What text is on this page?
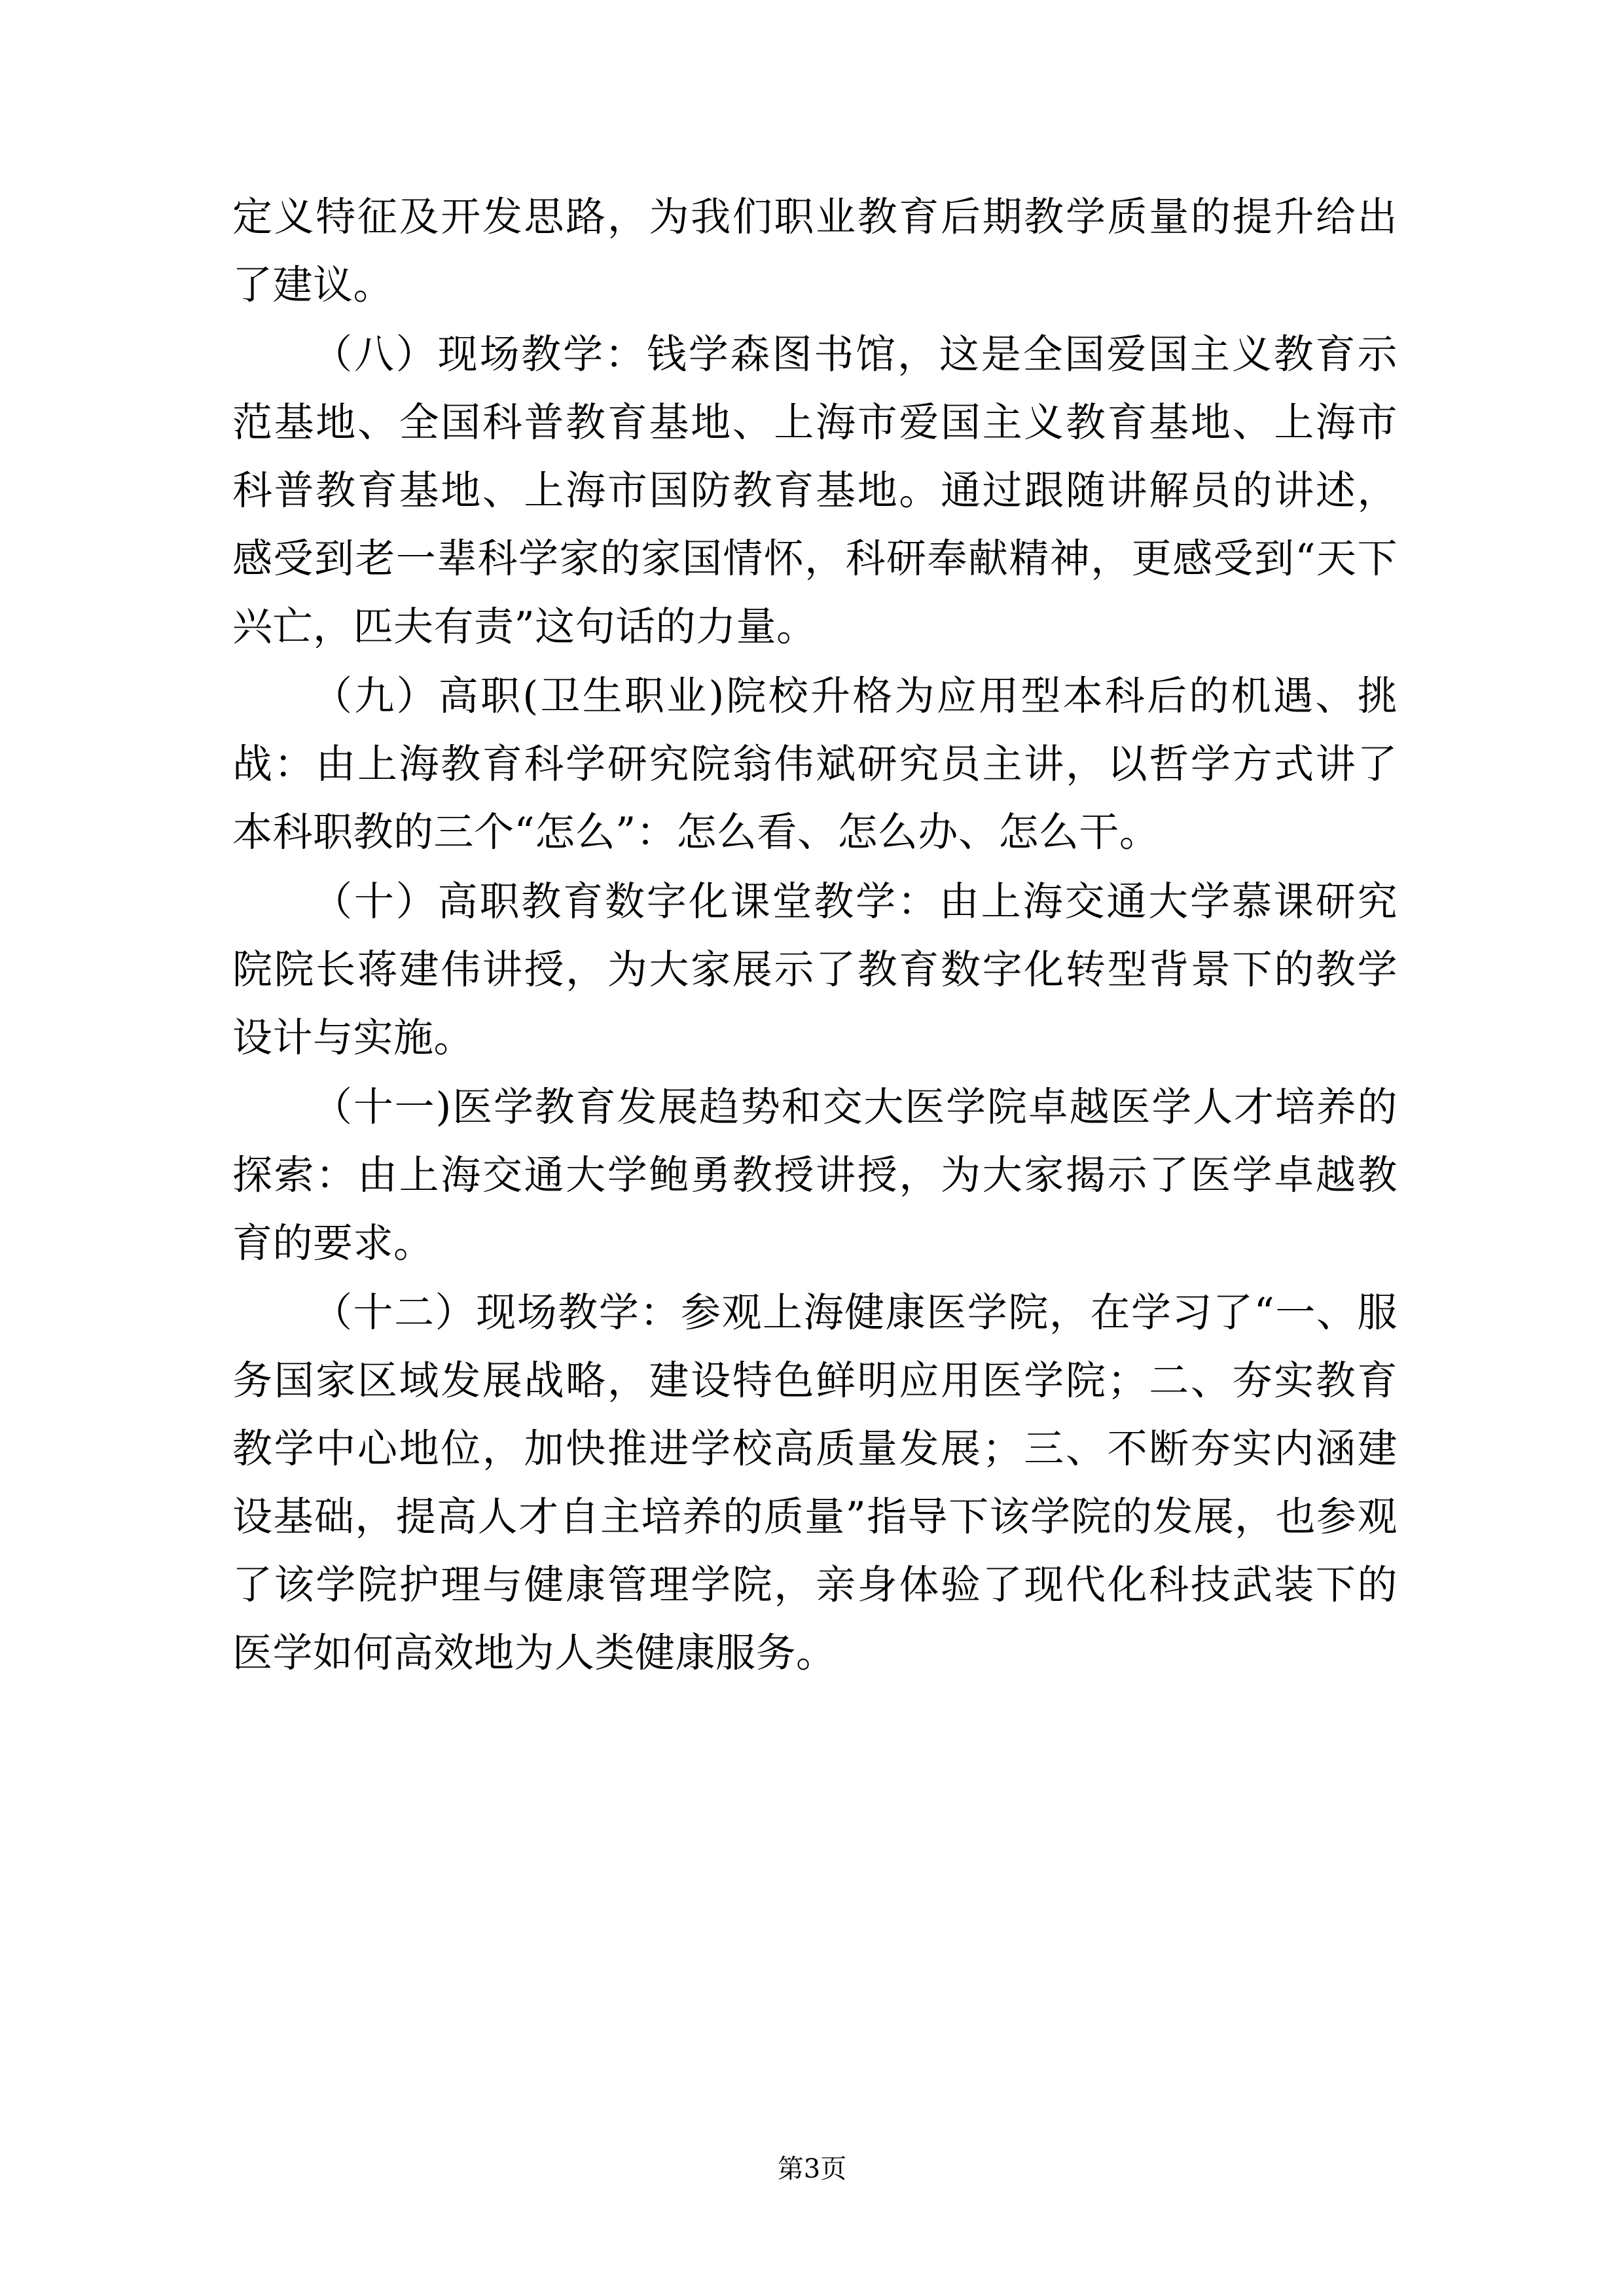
定义特征及开发思路，为我们职业教育后期教学质量的提升给出了建议。

（八）现场教学：钱学森图书馆，这是全国爱国主义教育示范基地、全国科普教育基地、上海市爱国主义教育基地、上海市科普教育基地、上海市国防教育基地。通过跟随讲解员的讲述，感受到老一辈科学家的家国情怀，科研奉献精神，更感受到“天下兴亡，匹夫有责”这句话的力量。

（九）高职(卫生职业)院校升格为应用型本科后的机遇、挑战：由上海教育科学研究院翁伟斌研究员主讲，以哲学方式讲了本科职教的三个“怎么”：怎么看、怎么办、怎么干。

（十）高职教育数字化课堂教学：由上海交通大学慕课研究院院长蒋建伟讲授，为大家展示了教育数字化转型背景下的教学设计与实施。

（十一)医学教育发展趋势和交大医学院卓越医学人才培养的探索：由上海交通大学鲍勇教授讲授，为大家揭示了医学卓越教育的要求。

（十二）现场教学：参观上海健康医学院，在学习了“一、服务国家区域发展战略，建设特色鲜明应用医学院；二、夯实教育教学中心地位，加快推进学校高质量发展；三、不断夯实内涵建设基础，提高人才自主培养的质量”指导下该学院的发展，也参观了该学院护理与健康管理学院，亲身体验了现代化科技武装下的医学如何高效地为人类健康服务。

第3页
